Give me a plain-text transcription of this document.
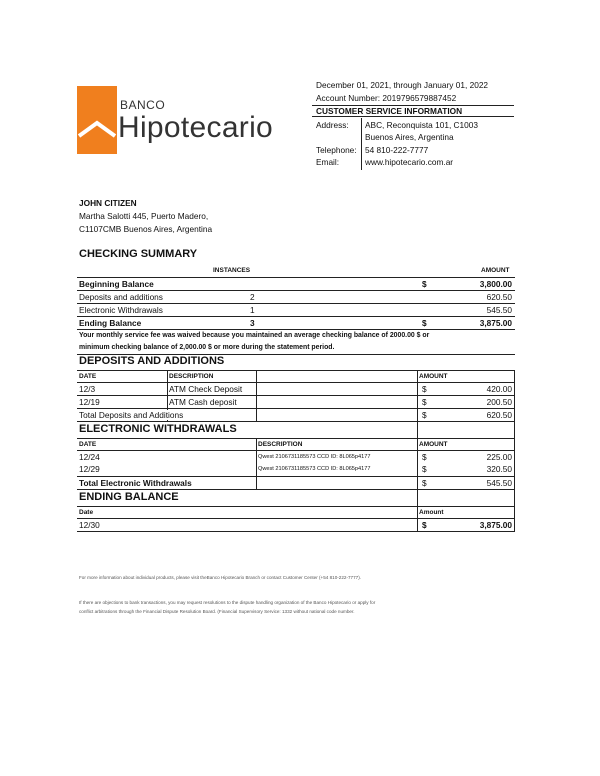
BANCO
Hipotecario
December 01, 2021, through January 01, 2022
Account Number: 2019796579887452
CUSTOMER SERVICE INFORMATION
Address: ABC, Reconquista 101, C1003
Buenos Aires, Argentina
Telephone: 54 810-222-7777
Email:	www.hipotecario.com.ar
JOHN CITIZEN
Martha Salotti 445, Puerto Madero,
C1107CMB Buenos Aires, Argentina
CHECKING SUMMARY
INSTANCES	AMOUNT
Beginning Balance	$	3,800.00
Deposits and additions	2	620.50
Electronic Withdrawals	1	545.50
Ending Balance	3	$	3,875.00
Your monthly service fee was waived because you maintained an average checking balance of 2000.00 $ or
minimum checking balance of 2,000.00 $ or more during the statement period.
DEPOSITS AND ADDITIONS
DATE	DESCRIPTION	AMOUNT
12/3	ATM Check Deposit	$	420.00
12/19	ATM Cash deposit	$	200.50
Total Deposits and Additions	$	620.50
ELECTRONIC WITHDRAWALS
DATE	DESCRIPTION	AMOUNT
12/24	Qwest 2106731185573 CCD ID: 8L065p4177	$	225.00
12/29	Qwest 2106731185573 CCD ID: 8L065p4177	$	320.50
Total Electronic Withdrawals	$	545.50
ENDING BALANCE
Date	Amount
12/30	$	3,875.00
For more information about individual products, please visit theBanco Hipotecario Branch or contact Customer Center (+54 810-222-7777).
If there are objections to bank transactions, you may request resolutions to the dispute handling organization of the Banco Hipotecario or apply for
conflict arbitrations through the Financial Dispute Resolution Board. (Financial Supervisory Service: 1332 without national code number.
